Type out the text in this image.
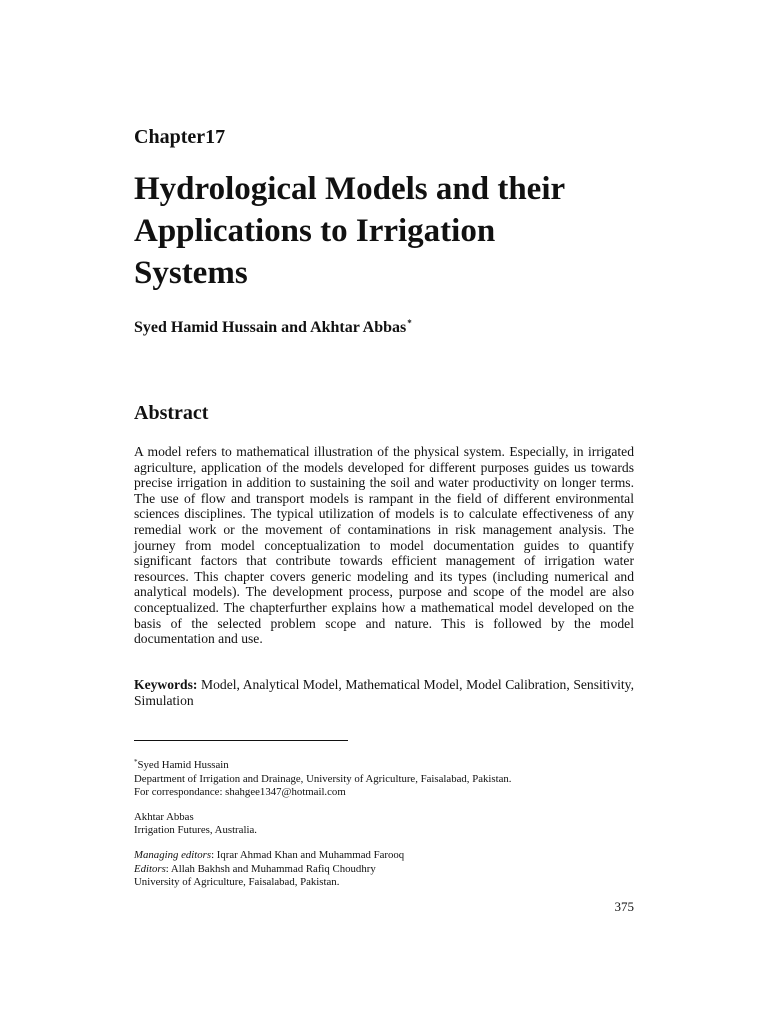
Chapter17
Hydrological Models and their
Applications to Irrigation
Systems

Syed Hamid Hussain and Akhtar Abbas*

Abstract

A model refers to mathematical illustration of the physical system. Especially, in irrigated agriculture, application of the models developed for different purposes guides us towards precise irrigation in addition to sustaining the soil and water productivity on longer terms. The use of flow and transport models is rampant in the field of different environmental sciences disciplines. The typical utilization of models is to calculate effectiveness of any remedial work or the movement of contaminations in risk management analysis. The journey from model conceptualization to model documentation guides to quantify significant factors that contribute towards efficient management of irrigation water resources. This chapter covers generic modeling and its types (including numerical and analytical models). The development process, purpose and scope of the model are also conceptualized. The chapterfurther explains how a mathematical model developed on the basis of the selected problem scope and nature. This is followed by the model documentation and use.

Keywords: Model, Analytical Model, Mathematical Model, Model Calibration, Sensitivity, Simulation

*Syed Hamid Hussain
Department of Irrigation and Drainage, University of Agriculture, Faisalabad, Pakistan.
For correspondance: shahgee1347@hotmail.com
Akhtar Abbas
Irrigation Futures, Australia.
Managing editors: Iqrar Ahmad Khan and Muhammad Farooq
Editors: Allah Bakhsh and Muhammad Rafiq Choudhry
University of Agriculture, Faisalabad, Pakistan.

375
